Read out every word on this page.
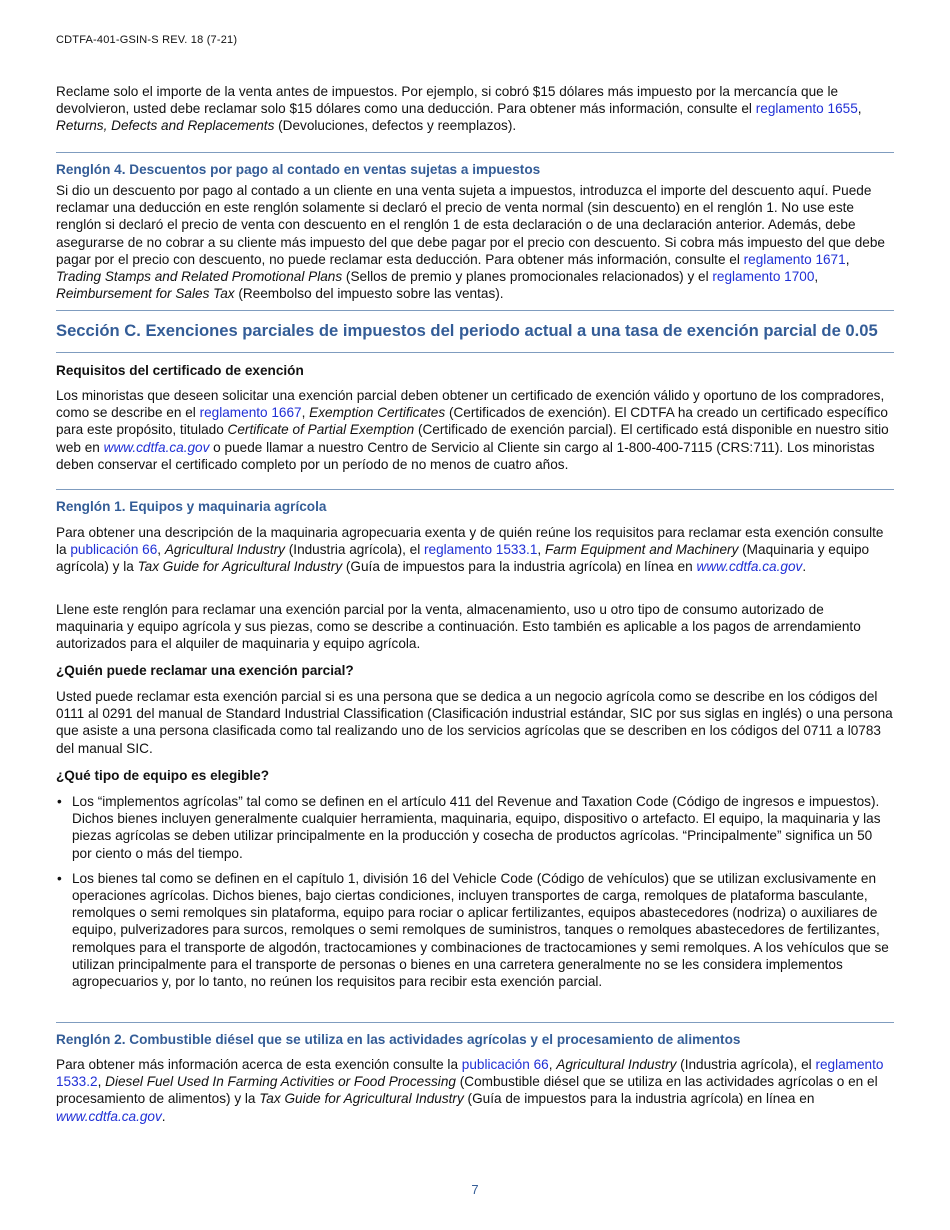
CDTFA-401-GSIN-S REV. 18 (7-21)

Reclame solo el importe de la venta antes de impuestos. Por ejemplo, si cobró $15 dólares más impuesto por la mercancía que le devolvieron, usted debe reclamar solo $15 dólares como una deducción. Para obtener más información, consulte el reglamento 1655, Returns, Defects and Replacements (Devoluciones, defectos y reemplazos).

Renglón 4. Descuentos por pago al contado en ventas sujetas a impuestos

Si dio un descuento por pago al contado a un cliente en una venta sujeta a impuestos, introduzca el importe del descuento aquí. Puede reclamar una deducción en este renglón solamente si declaró el precio de venta normal (sin descuento) en el renglón 1. No use este renglón si declaró el precio de venta con descuento en el renglón 1 de esta declaración o de una declaración anterior. Además, debe asegurarse de no cobrar a su cliente más impuesto del que debe pagar por el precio con descuento. Si cobra más impuesto del que debe pagar por el precio con descuento, no puede reclamar esta deducción. Para obtener más información, consulte el reglamento 1671, Trading Stamps and Related Promotional Plans (Sellos de premio y planes promocionales relacionados) y el reglamento 1700, Reimbursement for Sales Tax (Reembolso del impuesto sobre las ventas).

Sección C. Exenciones parciales de impuestos del periodo actual a una tasa de exención parcial de 0.05
Requisitos del certificado de exención

Los minoristas que deseen solicitar una exención parcial deben obtener un certificado de exención válido y oportuno de los compradores, como se describe en el reglamento 1667, Exemption Certificates (Certificados de exención). El CDTFA ha creado un certificado específico para este propósito, titulado Certificate of Partial Exemption (Certificado de exención parcial). El certificado está disponible en nuestro sitio web en www.cdtfa.ca.gov o puede llamar a nuestro Centro de Servicio al Cliente sin cargo al 1-800-400-7115 (CRS:711). Los minoristas deben conservar el certificado completo por un período de no menos de cuatro años.

Renglón 1. Equipos y maquinaria agrícola

Para obtener una descripción de la maquinaria agropecuaria exenta y de quién reúne los requisitos para reclamar esta exención consulte la publicación 66, Agricultural Industry (Industria agrícola), el reglamento 1533.1, Farm Equipment and Machinery (Maquinaria y equipo agrícola) y la Tax Guide for Agricultural Industry (Guía de impuestos para la industria agrícola) en línea en www.cdtfa.ca.gov.

Llene este renglón para reclamar una exención parcial por la venta, almacenamiento, uso u otro tipo de consumo autorizado de maquinaria y equipo agrícola y sus piezas, como se describe a continuación. Esto también es aplicable a los pagos de arrendamiento autorizados para el alquiler de maquinaria y equipo agrícola.

¿Quién puede reclamar una exención parcial?

Usted puede reclamar esta exención parcial si es una persona que se dedica a un negocio agrícola como se describe en los códigos del 0111 al 0291 del manual de Standard Industrial Classification (Clasificación industrial estándar, SIC por sus siglas en inglés) o una persona que asiste a una persona clasificada como tal realizando uno de los servicios agrícolas que se describen en los códigos del 0711 a l0783 del manual SIC.

¿Qué tipo de equipo es elegible?
• Los “implementos agrícolas” tal como se definen en el artículo 411 del Revenue and Taxation Code (Código de ingresos e impuestos). Dichos bienes incluyen generalmente cualquier herramienta, maquinaria, equipo, dispositivo o artefacto. El equipo, la maquinaria y las piezas agrícolas se deben utilizar principalmente en la producción y cosecha de productos agrícolas. “Principalmente” significa un 50 por ciento o más del tiempo.
• Los bienes tal como se definen en el capítulo 1, división 16 del Vehicle Code (Código de vehículos) que se utilizan exclusivamente en operaciones agrícolas. Dichos bienes, bajo ciertas condiciones, incluyen transportes de carga, remolques de plataforma basculante, remolques o semi remolques sin plataforma, equipo para rociar o aplicar fertilizantes, equipos abastecedores (nodriza) o auxiliares de equipo, pulverizadores para surcos, remolques o semi remolques de suministros, tanques o remolques abastecedores de fertilizantes, remolques para el transporte de algodón, tractocamiones y combinaciones de tractocamiones y semi remolques. A los vehículos que se utilizan principalmente para el transporte de personas o bienes en una carretera generalmente no se les considera implementos agropecuarios y, por lo tanto, no reúnen los requisitos para recibir esta exención parcial.
Renglón 2. Combustible diésel que se utiliza en las actividades agrícolas y el procesamiento de alimentos

Para obtener más información acerca de esta exención consulte la publicación 66, Agricultural Industry (Industria agrícola), el reglamento 1533.2, Diesel Fuel Used In Farming Activities or Food Processing (Combustible diésel que se utiliza en las actividades agrícolas o en el procesamiento de alimentos) y la Tax Guide for Agricultural Industry (Guía de impuestos para la industria agrícola) en línea en www.cdtfa.ca.gov.

7
